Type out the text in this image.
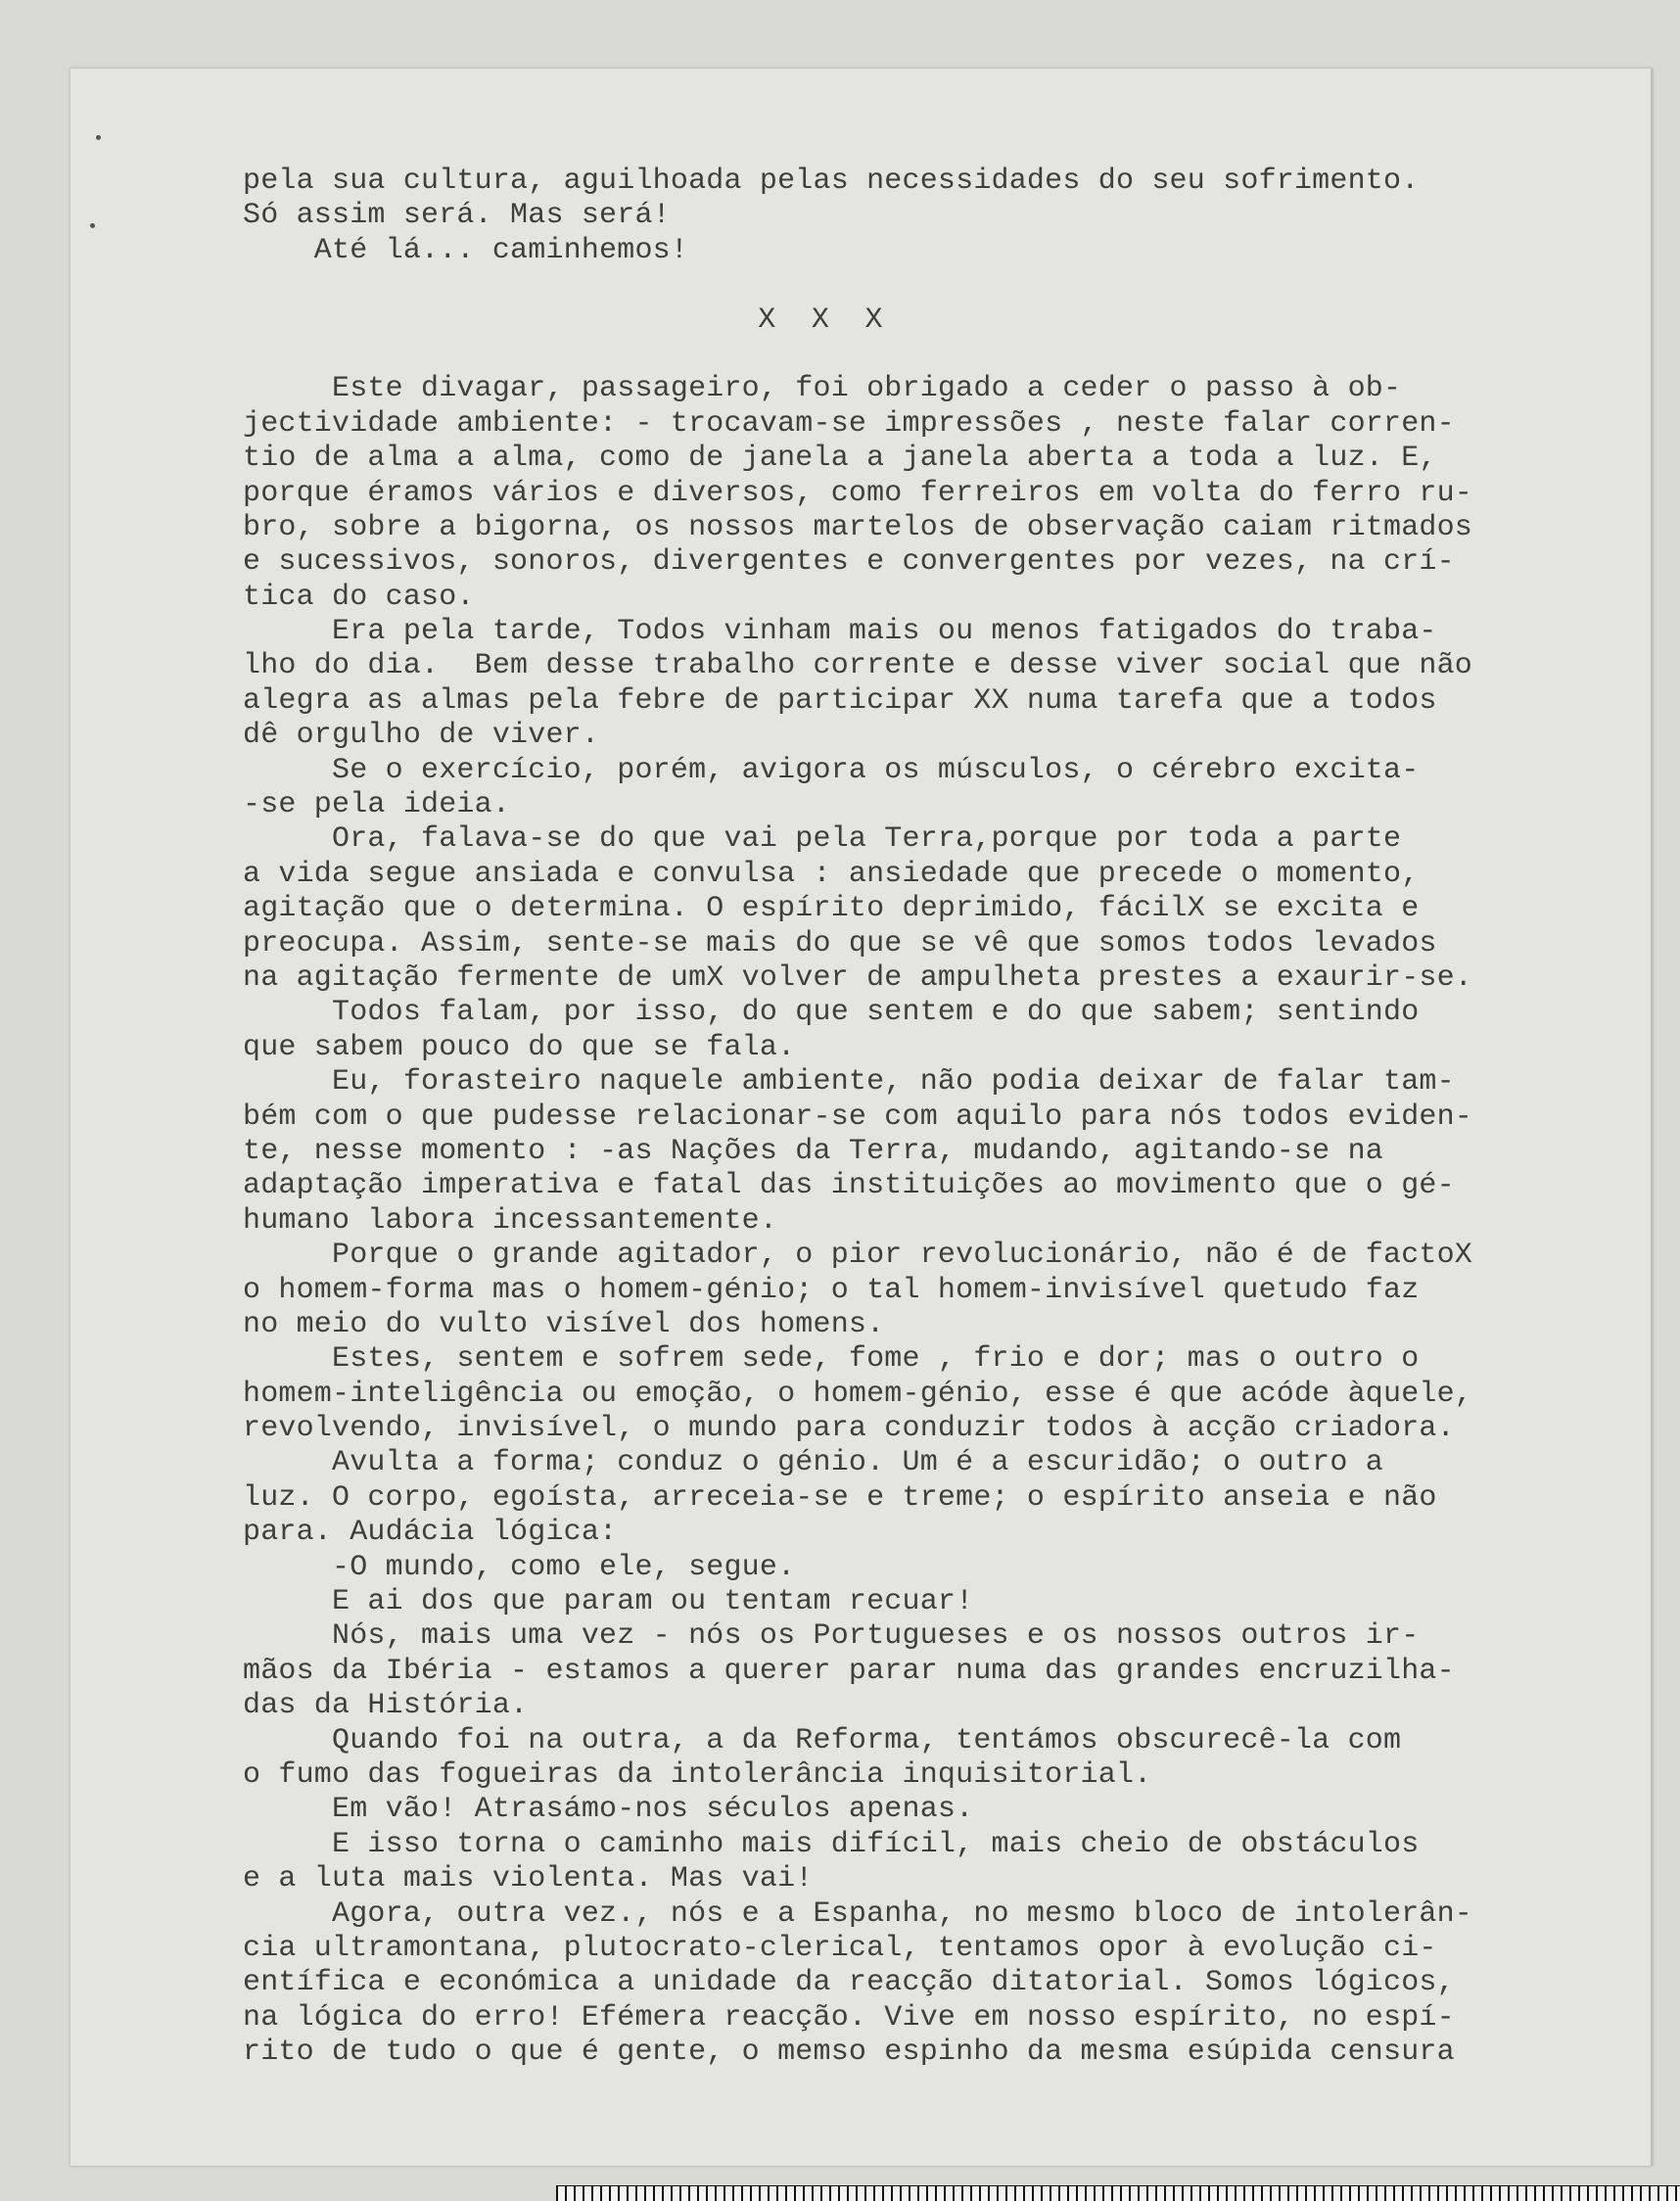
pela sua cultura, aguilhoada pelas necessidades do seu sofrimento.
Só assim será. Mas será!
Até lá... caminhemos!
X  X  X
Este divagar, passageiro, foi obrigado a ceder o passo à ob-
jectividade ambiente: - trocavam-se impressões , neste falar corren-
tio de alma a alma, como de janela a janela aberta a toda a luz. E,
porque éramos vários e diversos, como ferreiros em volta do ferro ru-
bro, sobre a bigorna, os nossos martelos de observação caiam ritmados
e sucessivos, sonoros, divergentes e convergentes por vezes, na crí-
tica do caso.
Era pela tarde, Todos vinham mais ou menos fatigados do traba-
lho do dia.  Bem desse trabalho corrente e desse viver social que não
alegra as almas pela febre de participar XX numa tarefa que a todos
dê orgulho de viver.
Se o exercício, porém, avigora os músculos, o cérebro excita-
-se pela ideia.
Ora, falava-se do que vai pela Terra,porque por toda a parte
a vida segue ansiada e convulsa : ansiedade que precede o momento,
agitação que o determina. O espírito deprimido, fácilX se excita e
preocupa. Assim, sente-se mais do que se vê que somos todos levados
na agitação fermente de umX volver de ampulheta prestes a exaurir-se.
Todos falam, por isso, do que sentem e do que sabem; sentindo
que sabem pouco do que se fala.
Eu, forasteiro naquele ambiente, não podia deixar de falar tam-
bém com o que pudesse relacionar-se com aquilo para nós todos eviden-
te, nesse momento : -as Nações da Terra, mudando, agitando-se na
adaptação imperativa e fatal das instituições ao movimento que o gé-
humano labora incessantemente.
Porque o grande agitador, o pior revolucionário, não é de factoX
o homem-forma mas o homem-génio; o tal homem-invisível quetudo faz
no meio do vulto visível dos homens.
Estes, sentem e sofrem sede, fome , frio e dor; mas o outro o
homem-inteligência ou emoção, o homem-génio, esse é que acóde àquele,
revolvendo, invisível, o mundo para conduzir todos à acção criadora.
Avulta a forma; conduz o génio. Um é a escuridão; o outro a
luz. O corpo, egoísta, arreceia-se e treme; o espírito anseia e não
para. Audácia lógica:
-O mundo, como ele, segue.
E ai dos que param ou tentam recuar!
Nós, mais uma vez - nós os Portugueses e os nossos outros ir-
mãos da Ibéria - estamos a querer parar numa das grandes encruzilha-
das da História.
Quando foi na outra, a da Reforma, tentámos obscurecê-la com
o fumo das fogueiras da intolerância inquisitorial.
Em vão! Atrasámo-nos séculos apenas.
E isso torna o caminho mais difícil, mais cheio de obstáculos
e a luta mais violenta. Mas vai!
Agora, outra vez., nós e a Espanha, no mesmo bloco de intolerân-
cia ultramontana, plutocrato-clerical, tentamos opor à evolução ci-
entífica e económica a unidade da reacção ditatorial. Somos lógicos,
na lógica do erro! Efémera reacção. Vive em nosso espírito, no espí-
rito de tudo o que é gente, o memso espinho da mesma esúpida censura
